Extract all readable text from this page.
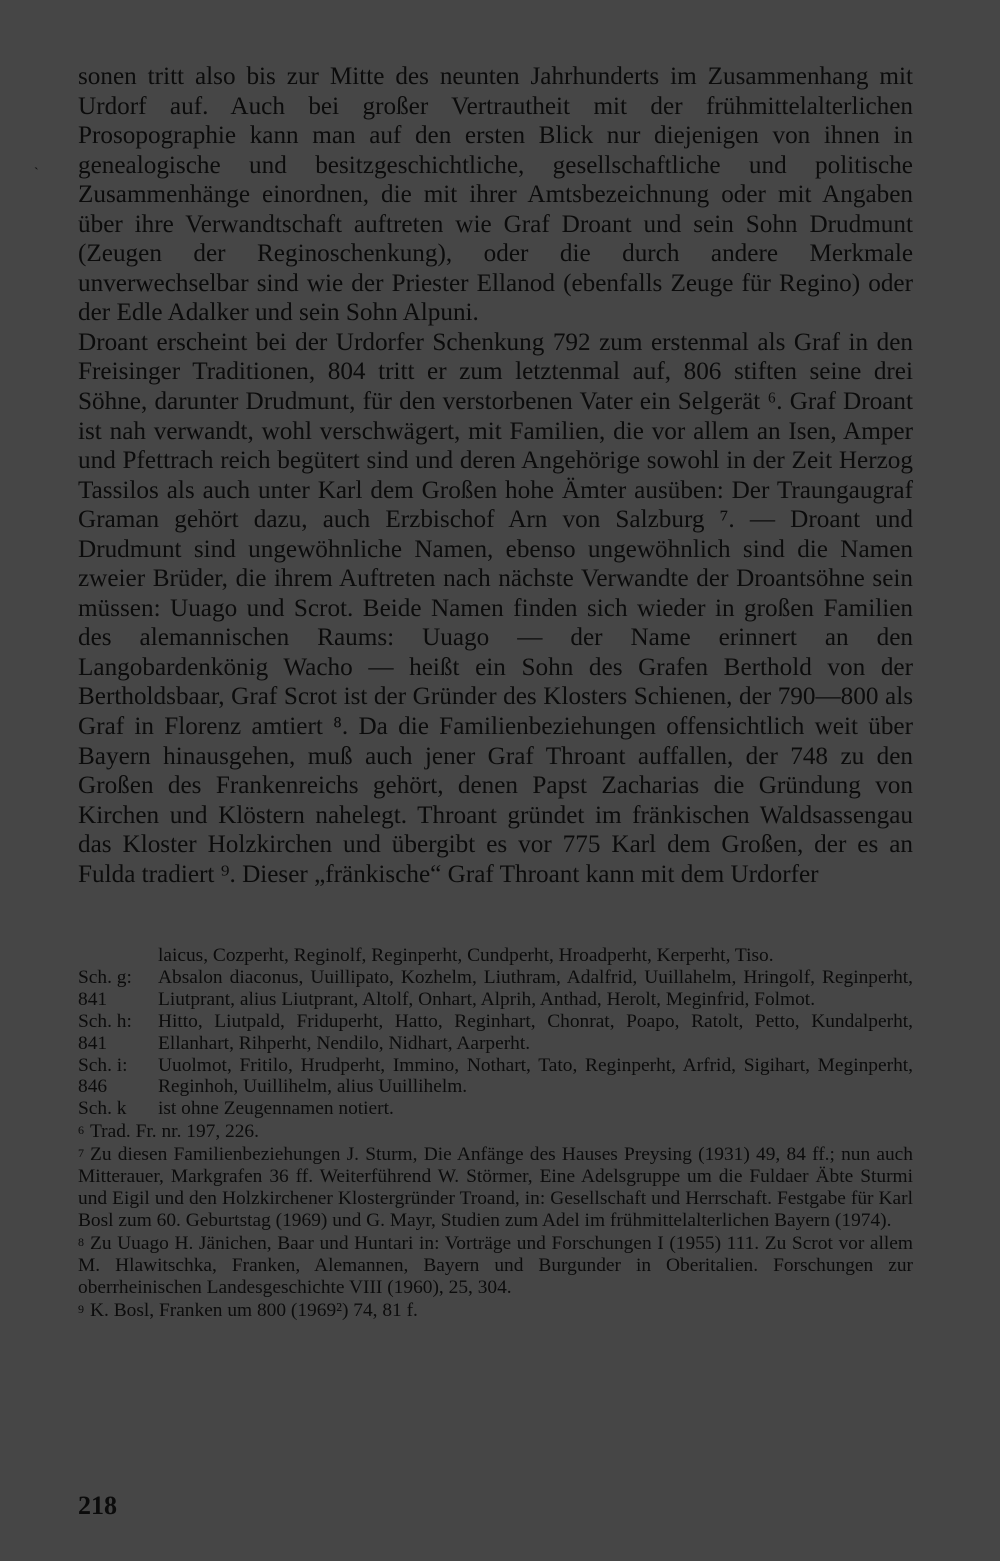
`

sonen tritt also bis zur Mitte des neunten Jahrhunderts im Zusammenhang mit Urdorf auf. Auch bei großer Vertrautheit mit der frühmittelalterlichen Prosopographie kann man auf den ersten Blick nur diejenigen von ihnen in genealogische und besitzgeschichtliche, gesellschaftliche und politische Zusammenhänge einordnen, die mit ihrer Amtsbezeichnung oder mit Angaben über ihre Verwandtschaft auftreten wie Graf Droant und sein Sohn Drudmunt (Zeugen der Reginoschenkung), oder die durch andere Merkmale unverwechselbar sind wie der Priester Ellanod (ebenfalls Zeuge für Regino) oder der Edle Adalker und sein Sohn Alpuni.

Droant erscheint bei der Urdorfer Schenkung 792 zum erstenmal als Graf in den Freisinger Traditionen, 804 tritt er zum letztenmal auf, 806 stiften seine drei Söhne, darunter Drudmunt, für den verstorbenen Vater ein Selgerät ⁶. Graf Droant ist nah verwandt, wohl verschwägert, mit Familien, die vor allem an Isen, Amper und Pfettrach reich begütert sind und deren Angehörige sowohl in der Zeit Herzog Tassilos als auch unter Karl dem Großen hohe Ämter ausüben: Der Traungaugraf Graman gehört dazu, auch Erzbischof Arn von Salzburg ⁷. — Droant und Drudmunt sind ungewöhnliche Namen, ebenso ungewöhnlich sind die Namen zweier Brüder, die ihrem Auftreten nach nächste Verwandte der Droantsöhne sein müssen: Uuago und Scrot. Beide Namen finden sich wieder in großen Familien des alemannischen Raums: Uuago — der Name erinnert an den Langobardenkönig Wacho — heißt ein Sohn des Grafen Berthold von der Bertholdsbaar, Graf Scrot ist der Gründer des Klosters Schienen, der 790—800 als Graf in Florenz amtiert ⁸. Da die Familienbeziehungen offensichtlich weit über Bayern hinausgehen, muß auch jener Graf Throant auffallen, der 748 zu den Großen des Frankenreichs gehört, denen Papst Zacharias die Gründung von Kirchen und Klöstern nahelegt. Throant gründet im fränkischen Waldsassengau das Kloster Holzkirchen und übergibt es vor 775 Karl dem Großen, der es an Fulda tradiert ⁹. Dieser „fränkische“ Graf Throant kann mit dem Urdorfer

laicus, Cozperht, Reginolf, Reginperht, Cundperht, Hroadperht, Kerperht, Tiso.
Sch. g:
841
Absalon diaconus, Uuillipato, Kozhelm, Liuthram, Adalfrid, Uuillahelm, Hringolf, Reginperht, Liutprant, alius Liutprant, Altolf, Onhart, Alprih, Anthad, Herolt, Meginfrid, Folmot.
Sch. h:
841
Hitto, Liutpald, Friduperht, Hatto, Reginhart, Chonrat, Poapo, Ratolt, Petto, Kundalperht, Ellanhart, Rihperht, Nendilo, Nidhart, Aarperht.
Sch. i:
846
Uuolmot, Fritilo, Hrudperht, Immino, Nothart, Tato, Reginperht, Arfrid, Sigihart, Meginperht, Reginhoh, Uuillihelm, alius Uuillihelm.
Sch. k	ist ohne Zeugennamen notiert.

6 Trad. Fr. nr. 197, 226.

7 Zu diesen Familienbeziehungen J. Sturm, Die Anfänge des Hauses Preysing (1931) 49, 84 ff.; nun auch Mitterauer, Markgrafen 36 ff. Weiterführend W. Störmer, Eine Adelsgruppe um die Fuldaer Äbte Sturmi und Eigil und den Holzkirchener Klostergründer Troand, in: Gesellschaft und Herrschaft. Festgabe für Karl Bosl zum 60. Geburtstag (1969) und G. Mayr, Studien zum Adel im frühmittelalterlichen Bayern (1974).

8 Zu Uuago H. Jänichen, Baar und Huntari in: Vorträge und Forschungen I (1955) 111. Zu Scrot vor allem M. Hlawitschka, Franken, Alemannen, Bayern und Burgunder in Oberitalien. Forschungen zur oberrheinischen Landesgeschichte VIII (1960), 25, 304.

9 K. Bosl, Franken um 800 (1969²) 74, 81 f.

218
